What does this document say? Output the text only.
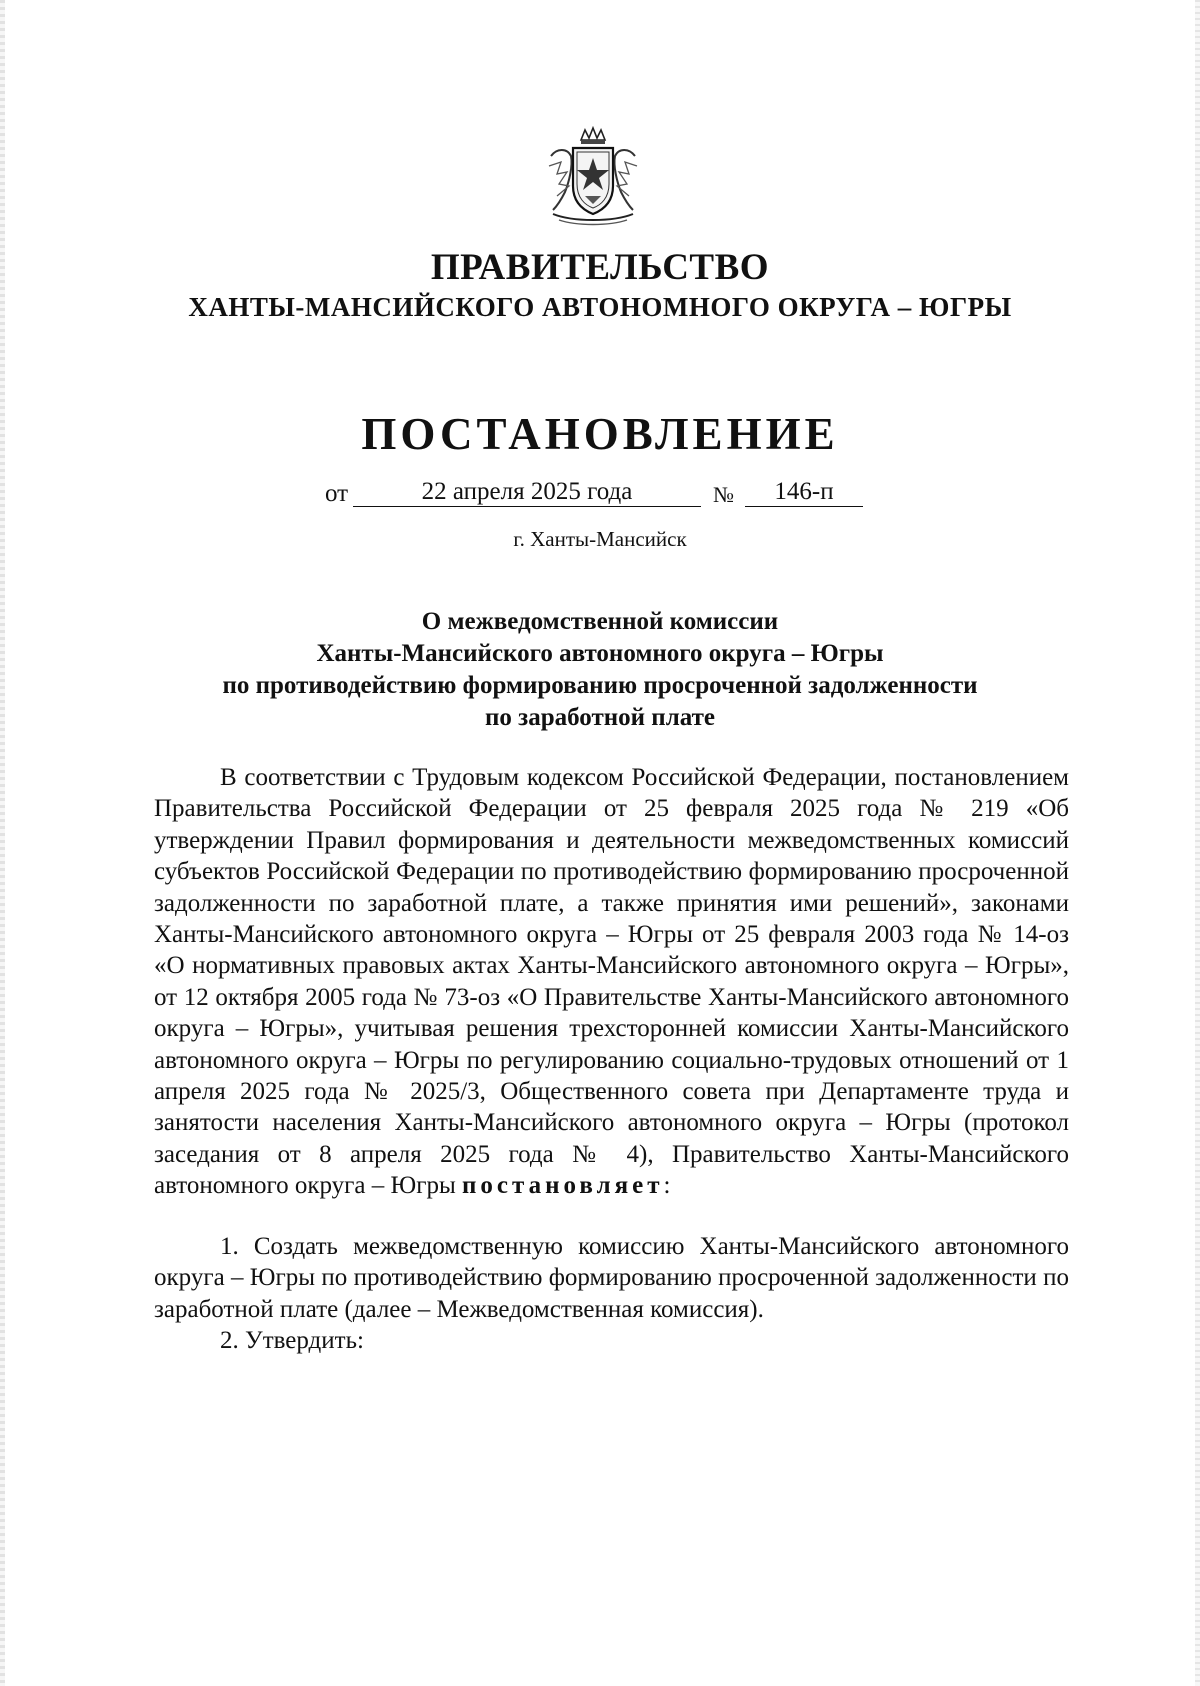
ПРАВИТЕЛЬСТВО
ХАНТЫ-МАНСИЙСКОГО АВТОНОМНОГО ОКРУГА – ЮГРЫ
ПОСТАНОВЛЕНИЕ
от	22 апреля 2025 года	№	146-п
г. Ханты-Мансийск
О межведомственной комиссии
Ханты-Мансийского автономного округа – Югры
по противодействию формированию просроченной задолженности
по заработной плате

В соответствии с Трудовым кодексом Российской Федерации, постановлением Правительства Российской Федерации от 25 февраля 2025 года № 219 «Об утверждении Правил формирования и деятельности межведомственных комиссий субъектов Российской Федерации по противодействию формированию просроченной задолженности по заработной плате, а также принятия ими решений», законами Ханты-Мансийского автономного округа – Югры от 25 февраля 2003 года № 14-оз «О нормативных правовых актах Ханты-Мансийского автономного округа – Югры», от 12 октября 2005 года № 73-оз «О Правительстве Ханты-Мансийского автономного округа – Югры», учитывая решения трехсторонней комиссии Ханты-Мансийского автономного округа – Югры по регулированию социально-трудовых отношений от 1 апреля 2025 года № 2025/3, Общественного совета при Департаменте труда и занятости населения Ханты-Мансийского автономного округа – Югры (протокол заседания от 8 апреля 2025 года № 4), Правительство Ханты-Мансийского автономного округа – Югры постановляет:

1. Создать межведомственную комиссию Ханты-Мансийского автономного округа – Югры по противодействию формированию просроченной задолженности по заработной плате (далее – Межведомственная комиссия).

2. Утвердить:
